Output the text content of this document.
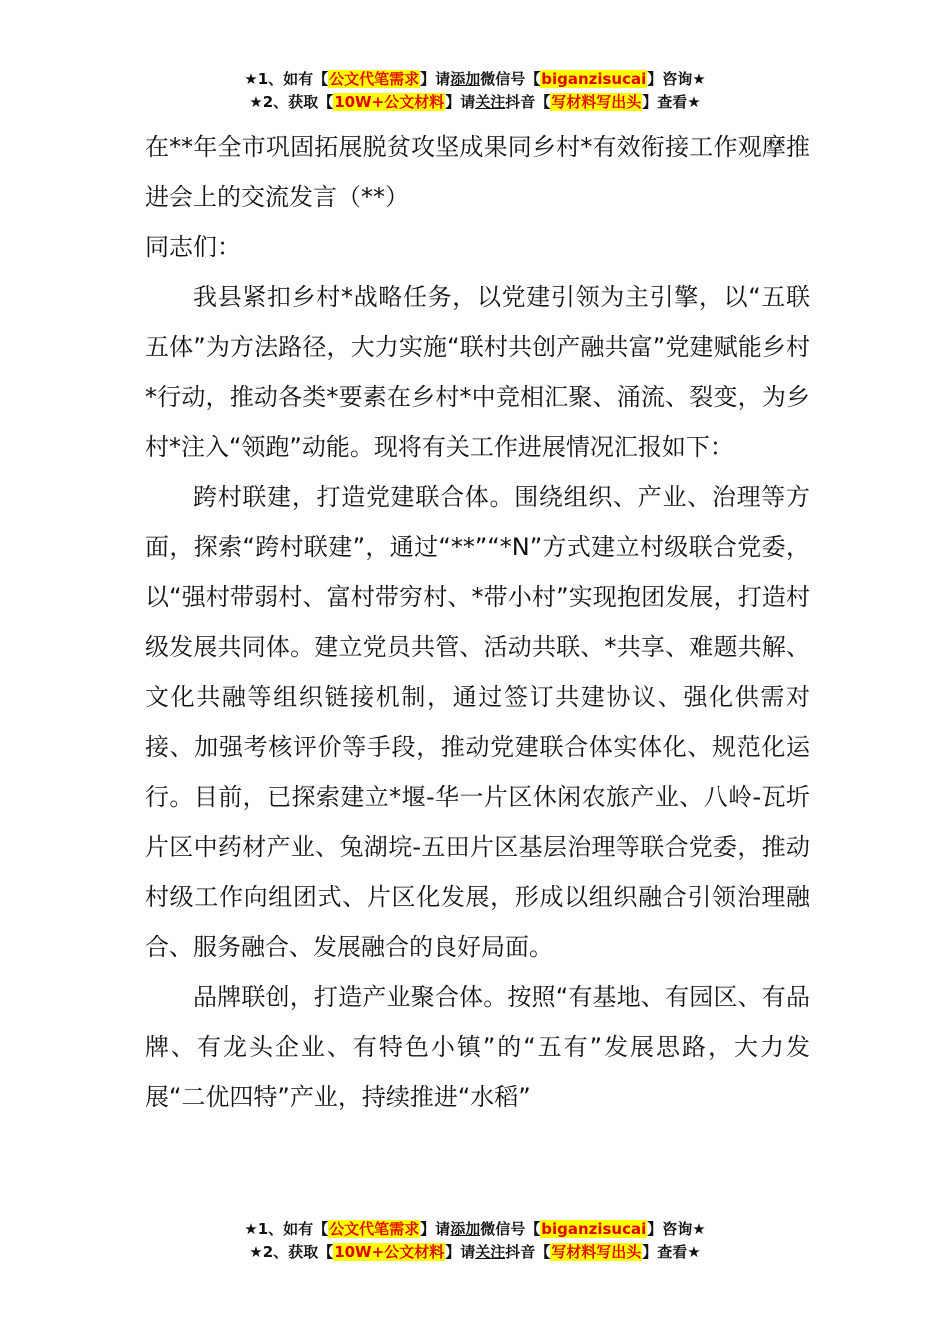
★1、如有【公文代笔需求】请添加微信号【biganzisucai】咨询★
★2、获取【10W+公文材料】请关注抖音【写材料写出头】查看★

在**年全市巩固拓展脱贫攻坚成果同乡村*有效衔接工作观摩推进会上的交流发言（**）

同志们：

我县紧扣乡村*战略任务，以党建引领为主引擎，以“五联五体”为方法路径，大力实施“联村共创产融共富”党建赋能乡村*行动，推动各类*要素在乡村*中竞相汇聚、涌流、裂变，为乡村*注入“领跑”动能。现将有关工作进展情况汇报如下：

跨村联建，打造党建联合体。围绕组织、产业、治理等方面，探索“跨村联建”，通过“**”“*N”方式建立村级联合党委，以“强村带弱村、富村带穷村、*带小村”实现抱团发展，打造村级发展共同体。建立党员共管、活动共联、*共享、难题共解、文化共融等组织链接机制，通过签订共建协议、强化供需对接、加强考核评价等手段，推动党建联合体实体化、规范化运行。目前，已探索建立*堰-华一片区休闲农旅产业、八岭-瓦圻片区中药材产业、兔湖垸-五田片区基层治理等联合党委，推动村级工作向组团式、片区化发展，形成以组织融合引领治理融合、服务融合、发展融合的良好局面。

品牌联创，打造产业聚合体。按照“有基地、有园区、有品牌、有龙头企业、有特色小镇”的“五有”发展思路，大力发展“二优四特”产业，持续推进“水稻”

★1、如有【公文代笔需求】请添加微信号【biganzisucai】咨询★
★2、获取【10W+公文材料】请关注抖音【写材料写出头】查看★
